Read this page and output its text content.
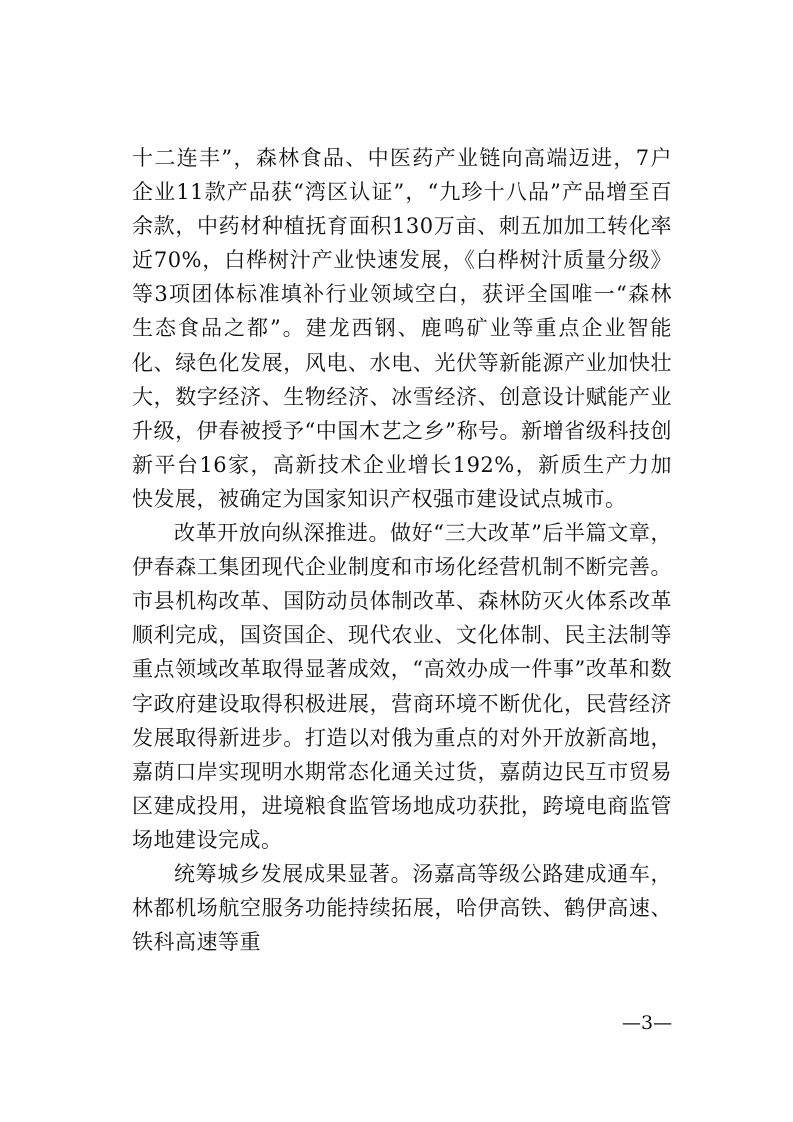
十二连丰”，森林食品、中医药产业链向高端迈进，7户企业11款产品获“湾区认证”，“九珍十八品”产品增至百余款，中药材种植抚育面积130万亩、刺五加加工转化率近70%，白桦树汁产业快速发展，《白桦树汁质量分级》等3项团体标准填补行业领域空白，获评全国唯一“森林生态食品之都”。建龙西钢、鹿鸣矿业等重点企业智能化、绿色化发展，风电、水电、光伏等新能源产业加快壮大，数字经济、生物经济、冰雪经济、创意设计赋能产业升级，伊春被授予“中国木艺之乡”称号。新增省级科技创新平台16家，高新技术企业增长192%，新质生产力加快发展，被确定为国家知识产权强市建设试点城市。

改革开放向纵深推进。做好“三大改革”后半篇文章，伊春森工集团现代企业制度和市场化经营机制不断完善。市县机构改革、国防动员体制改革、森林防灭火体系改革顺利完成，国资国企、现代农业、文化体制、民主法制等重点领域改革取得显著成效，“高效办成一件事”改革和数字政府建设取得积极进展，营商环境不断优化，民营经济发展取得新进步。打造以对俄为重点的对外开放新高地，嘉荫口岸实现明水期常态化通关过货，嘉荫边民互市贸易区建成投用，进境粮食监管场地成功获批，跨境电商监管场地建设完成。

统筹城乡发展成果显著。汤嘉高等级公路建成通车，林都机场航空服务功能持续拓展，哈伊高铁、鹤伊高速、铁科高速等重

—3—
